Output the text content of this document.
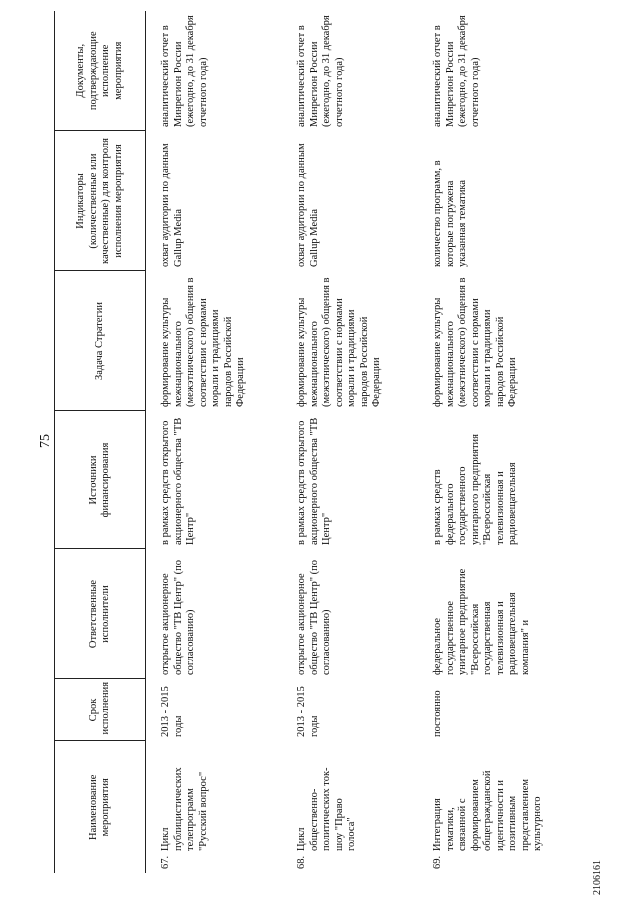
75
Наименование мероприятия	Срок исполнения	Ответственные исполнители	Источники финансирования	Задача Стратегии	Индикаторы (количественные или качественные) для контроля исполнения мероприятия	Документы, подтверждающие исполнение мероприятия

67.Цикл публицистических телепрограмм "Русский вопрос"	2013 - 2015 годы	открытое акционерное общество "ТВ Центр" (по согласованию)	в рамках средств открытого акционерного общества "ТВ Центр"	формирование культуры межнационального (межэтнического) общения в соответствии с нормами морали и традициями народов Российской Федерации	охват аудитории по данным Gallup Media	аналитический отчет в Минрегион России (ежегодно, до 31 декабря отчетного года)
68.Цикл общественно-политических ток-шоу "Право голоса"	2013 - 2015 годы	открытое акционерное общество "ТВ Центр" (по согласованию)	в рамках средств открытого акционерного общества "ТВ Центр"	формирование культуры межнационального (межэтнического) общения в соответствии с нормами морали и традициями народов Российской Федерации	охват аудитории по данным Gallup Media	аналитический отчет в Минрегион России (ежегодно, до 31 декабря отчетного года)
69.Интеграция тематики, связанной с формированием общегражданской идентичности и позитивным представлением культурного	постоянно	федеральное государственное унитарное предприятие "Всероссийская государственная телевизионная и радиовещательная компания" и	в рамках средств федерального государственного унитарного предприятия "Всероссийская телевизионная и радиовещательная	формирование культуры межнационального (межэтнического) общения в соответствии с нормами морали и традициями народов Российской Федерации	количество программ, в которые погружена указанная тематика	аналитический отчет в Минрегион России (ежегодно, до 31 декабря отчетного года)
2106161
